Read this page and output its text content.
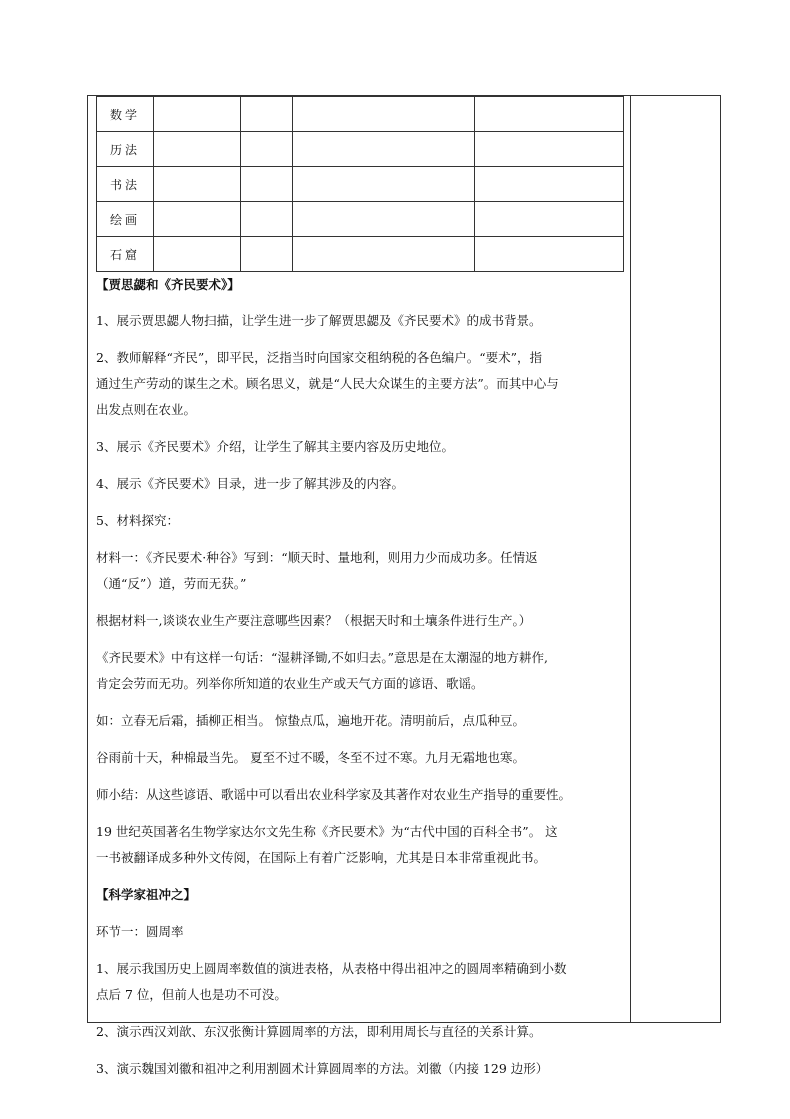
数学				
历法				
书法				
绘画				
石窟				
【贾思勰和《齐民要术》】
1、展示贾思勰人物扫描，让学生进一步了解贾思勰及《齐民要术》的成书背景。
2、教师解释“齐民”，即平民，泛指当时向国家交租纳税的各色编户。“要术”，指
通过生产劳动的谋生之术。顾名思义，就是“人民大众谋生的主要方法”。而其中心与
出发点则在农业。
3、展示《齐民要术》介绍，让学生了解其主要内容及历史地位。
4、展示《齐民要术》目录，进一步了解其涉及的内容。
5、材料探究：
材料一：《齐民要术·种谷》写到：“顺天时、量地利，则用力少而成功多。任情返
（通“反”）道，劳而无获。”
根据材料一,谈谈农业生产要注意哪些因素？（根据天时和土壤条件进行生产。）
《齐民要术》中有这样一句话：“湿耕泽锄,不如归去。”意思是在太潮湿的地方耕作,
肯定会劳而无功。列举你所知道的农业生产或天气方面的谚语、歌谣。
如：立春无后霜，插柳正相当。 惊蛰点瓜，遍地开花。清明前后，点瓜种豆。
谷雨前十天，种棉最当先。 夏至不过不暖，冬至不过不寒。九月无霜地也寒。
师小结：从这些谚语、歌谣中可以看出农业科学家及其著作对农业生产指导的重要性。
19 世纪英国著名生物学家达尔文先生称《齐民要术》为“古代中国的百科全书”。 这
一书被翻译成多种外文传阅，在国际上有着广泛影响，尤其是日本非常重视此书。
【科学家祖冲之】
环节一：圆周率
1、展示我国历史上圆周率数值的演进表格，从表格中得出祖冲之的圆周率精确到小数
点后 7 位，但前人也是功不可没。
2、演示西汉刘歆、东汉张衡计算圆周率的方法，即利用周长与直径的关系计算。
3、演示魏国刘徽和祖冲之利用割圆术计算圆周率的方法。刘徽（内接 129 边形）
